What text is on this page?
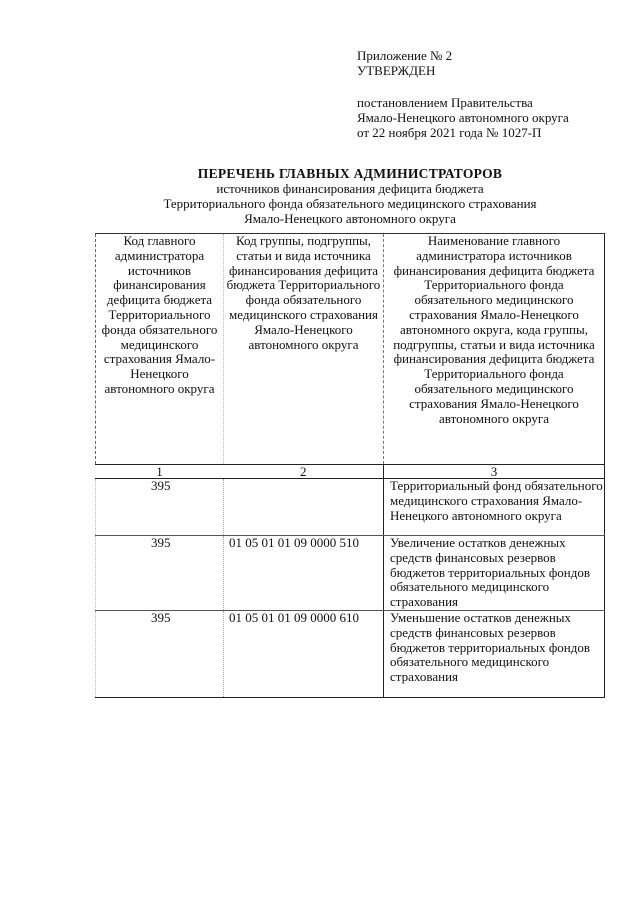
Приложение № 2
УТВЕРЖДЕН
постановлением Правительства
Ямало-Ненецкого автономного округа
от 22 ноября 2021 года № 1027-П
ПЕРЕЧЕНЬ ГЛАВНЫХ АДМИНИСТРАТОРОВ
источников финансирования дефицита бюджета
Территориального фонда обязательного медицинского страхования
Ямало-Ненецкого автономного округа
Код главного администратора источников финансирования дефицита бюджета Территориального фонда обязательного медицинского страхования Ямало-Ненецкого автономного округа	Код группы, подгруппы, статьи и вида источника финансирования дефицита бюджета Территориального фонда обязательного медицинского страхования Ямало-Ненецкого автономного округа	Наименование главного администратора источников финансирования дефицита бюджета Территориального фонда обязательного медицинского страхования Ямало-Ненецкого автономного округа, кода группы, подгруппы, статьи и вида источника финансирования дефицита бюджета Территориального фонда обязательного медицинского страхования Ямало-Ненецкого автономного округа
1	2	3
395		Территориальный фонд обязательного медицинского страхования Ямало-Ненецкого автономного округа
395	01 05 01 01 09 0000 510	Увеличение остатков денежных средств финансовых резервов бюджетов территориальных фондов обязательного медицинского страхования
395	01 05 01 01 09 0000 610	Уменьшение остатков денежных средств финансовых резервов бюджетов территориальных фондов обязательного медицинского страхования
